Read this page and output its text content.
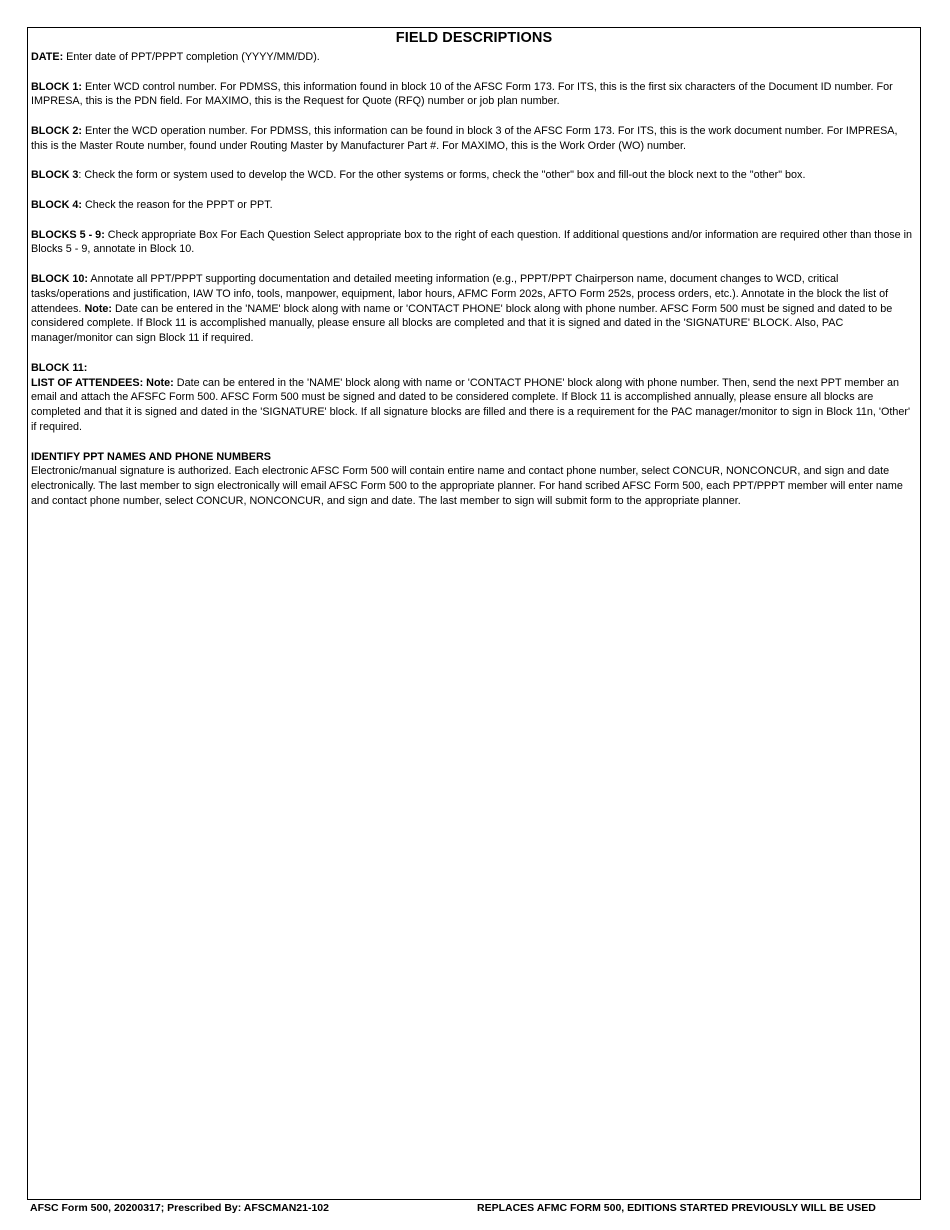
FIELD DESCRIPTIONS
DATE: Enter date of PPT/PPPT completion (YYYY/MM/DD).
BLOCK 1: Enter WCD control number. For PDMSS, this information found in block 10 of the AFSC Form 173. For ITS, this is the first six characters of the Document ID number. For IMPRESA, this is the PDN field. For MAXIMO, this is the Request for Quote (RFQ) number or job plan number.
BLOCK 2: Enter the WCD operation number. For PDMSS, this information can be found in block 3 of the AFSC Form 173. For ITS, this is the work document number. For IMPRESA, this is the Master Route number, found under Routing Master by Manufacturer Part #. For MAXIMO, this is the Work Order (WO) number.
BLOCK 3: Check the form or system used to develop the WCD. For the other systems or forms, check the "other" box and fill-out the block next to the "other" box.
BLOCK 4: Check the reason for the PPPT or PPT.
BLOCKS 5 - 9: Check appropriate Box For Each Question Select appropriate box to the right of each question. If additional questions and/or information are required other than those in Blocks 5 - 9, annotate in Block 10.
BLOCK 10: Annotate all PPT/PPPT supporting documentation and detailed meeting information (e.g., PPPT/PPT Chairperson name, document changes to WCD, critical tasks/operations and justification, IAW TO info, tools, manpower, equipment, labor hours, AFMC Form 202s, AFTO Form 252s, process orders, etc.). Annotate in the block the list of attendees. Note: Date can be entered in the 'NAME' block along with name or 'CONTACT PHONE' block along with phone number. AFSC Form 500 must be signed and dated to be considered complete. If Block 11 is accomplished manually, please ensure all blocks are completed and that it is signed and dated in the 'SIGNATURE' BLOCK. Also, PAC manager/monitor can sign Block 11 if required.

BLOCK 11:

LIST OF ATTENDEES: Note: Date can be entered in the 'NAME' block along with name or 'CONTACT PHONE' block along with phone number. Then, send the next PPT member an email and attach the AFSFC Form 500. AFSC Form 500 must be signed and dated to be considered complete. If Block 11 is accomplished annually, please ensure all blocks are completed and that it is signed and dated in the 'SIGNATURE' block. If all signature blocks are filled and there is a requirement for the PAC manager/monitor to sign in Block 11n, 'Other' if required.

IDENTIFY PPT NAMES AND PHONE NUMBERS

Electronic/manual signature is authorized. Each electronic AFSC Form 500 will contain entire name and contact phone number, select CONCUR, NONCONCUR, and sign and date electronically. The last member to sign electronically will email AFSC Form 500 to the appropriate planner. For hand scribed AFSC Form 500, each PPT/PPPT member will enter name and contact phone number, select CONCUR, NONCONCUR, and sign and date. The last member to sign will submit form to the appropriate planner.

AFSC Form 500, 20200317; Prescribed By: AFSCMAN21-102	REPLACES AFMC FORM 500, EDITIONS STARTED PREVIOUSLY WILL BE USED
